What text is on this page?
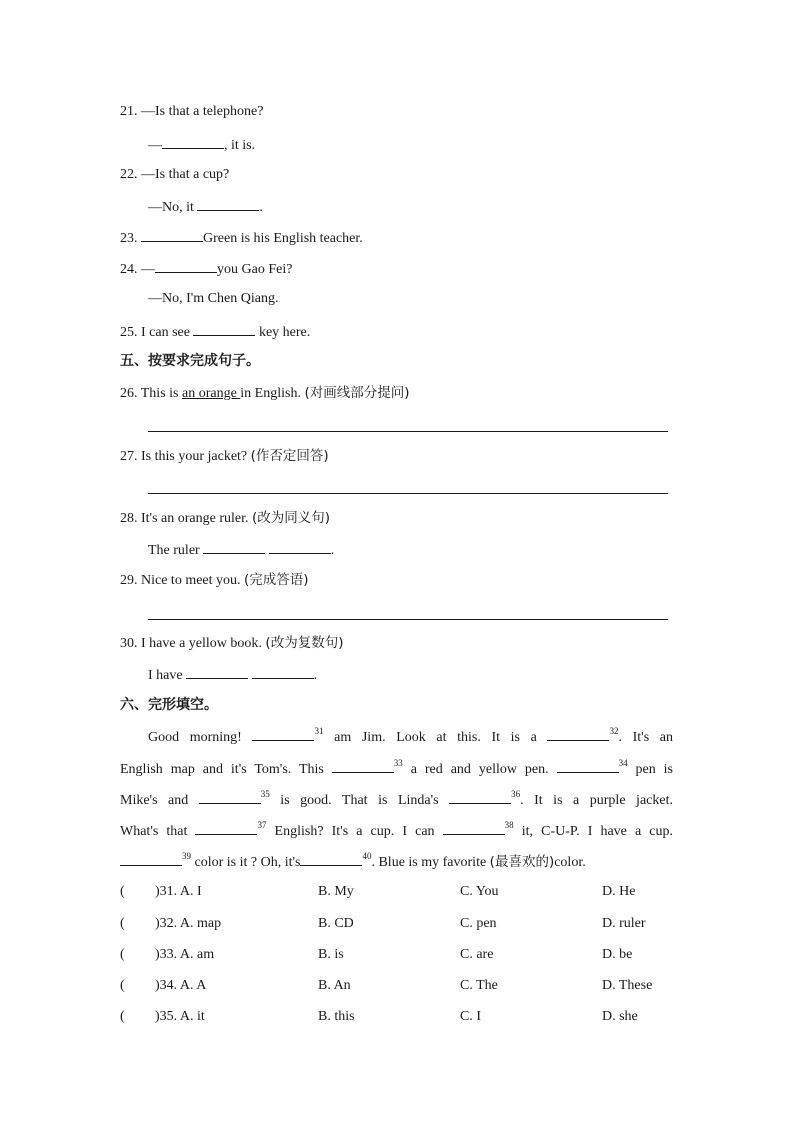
21. —Is that a telephone?
—	, it is.
22. —Is that a cup?
—No, it	.
23.	Green is his English teacher.
24. —	you Gao Fei?
—No, I'm Chen Qiang.
25. I can see	key here.
五、按要求完成句子。
26. This is an orange in English. (对画线部分提问)
27. Is this your jacket? (作否定回答)
28. It's an orange ruler. (改为同义句)
The ruler	.
29. Nice to meet you. (完成答语)
30. I have a yellow book. (改为复数句)
I have	.
六、完形填空。
Good morning!	$^{31}$ am Jim. Look at this. It is a	$^{32}$. It's an
English map and it's Tom's. This	$^{33}$ a red and yellow pen.	$^{34}$ pen is
Mike's and	$^{35}$ is good. That is Linda's	$^{36}$. It is a purple jacket.
What's that	$^{37}$ English? It's a cup. I can	$^{38}$ it, C-U-P. I have a cup.
$^{39}$ color is it ? Oh, it's	$^{40}$. Blue is my favorite (最喜欢的)color.
( )31. A. I	B. My	C. You	D. He
( )32. A. map	B. CD	C. pen	D. ruler
( )33. A. am	B. is	C. are	D. be
( )34. A. A	B. An	C. The	D. These
( )35. A. it	B. this	C. I	D. she
